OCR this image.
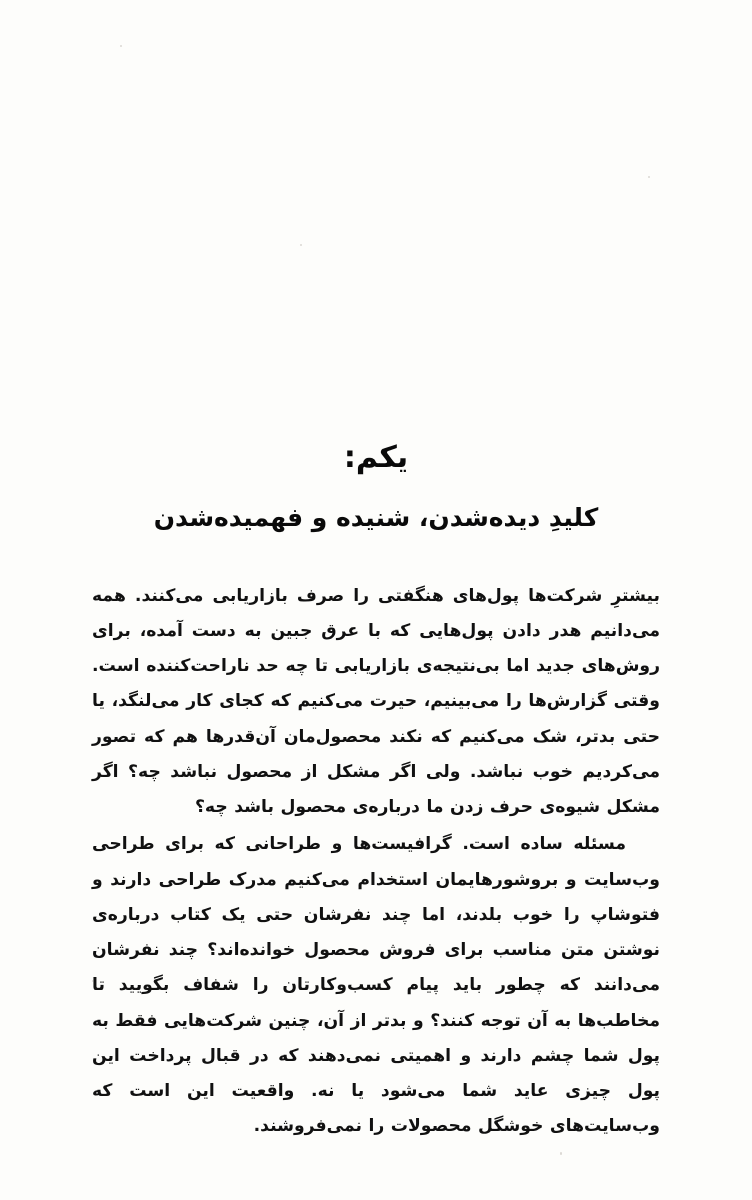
یکم:
کلیدِ دیده‌شدن، شنیده و فهمیده‌شدن

بیشترِ شرکت‌ها پول‌های هنگفتی را صرف بازاریابی می‌کنند. همه می‌دانیم هدر دادن پول‌هایی که با عرق جبین به دست آمده، برای روش‌های جدید اما بی‌نتیجه‌ی بازاریابی تا چه حد ناراحت‌کننده است. وقتی گزارش‌ها را می‌بینیم، حیرت می‌کنیم که کجای کار می‌لنگد، یا حتی بدتر، شک می‌کنیم که نکند محصول‌مان آن‌قدرها هم که تصور می‌کردیم خوب نباشد. ولی اگر مشکل از محصول نباشد چه؟ اگر مشکل شیوه‌ی حرف زدن ما درباره‌ی محصول باشد چه؟

مسئله ساده است. گرافیست‌ها و طراحانی که برای طراحی وب‌سایت و بروشورهایمان استخدام می‌کنیم مدرک طراحی دارند و فتوشاپ را خوب بلدند، اما چند نفرشان حتی یک کتاب درباره‌ی نوشتن متن مناسب برای فروش محصول خوانده‌اند؟ چند نفرشان می‌دانند که چطور باید پیام کسب‌وکارتان را شفاف بگویید تا مخاطب‌ها به آن توجه کنند؟ و بدتر از آن، چنین شرکت‌هایی فقط به پول شما چشم دارند و اهمیتی نمی‌دهند که در قبال پرداخت این پول چیزی عاید شما می‌شود یا نه. واقعیت این است که وب‌سایت‌های خوشگل محصولات را نمی‌فروشند.
